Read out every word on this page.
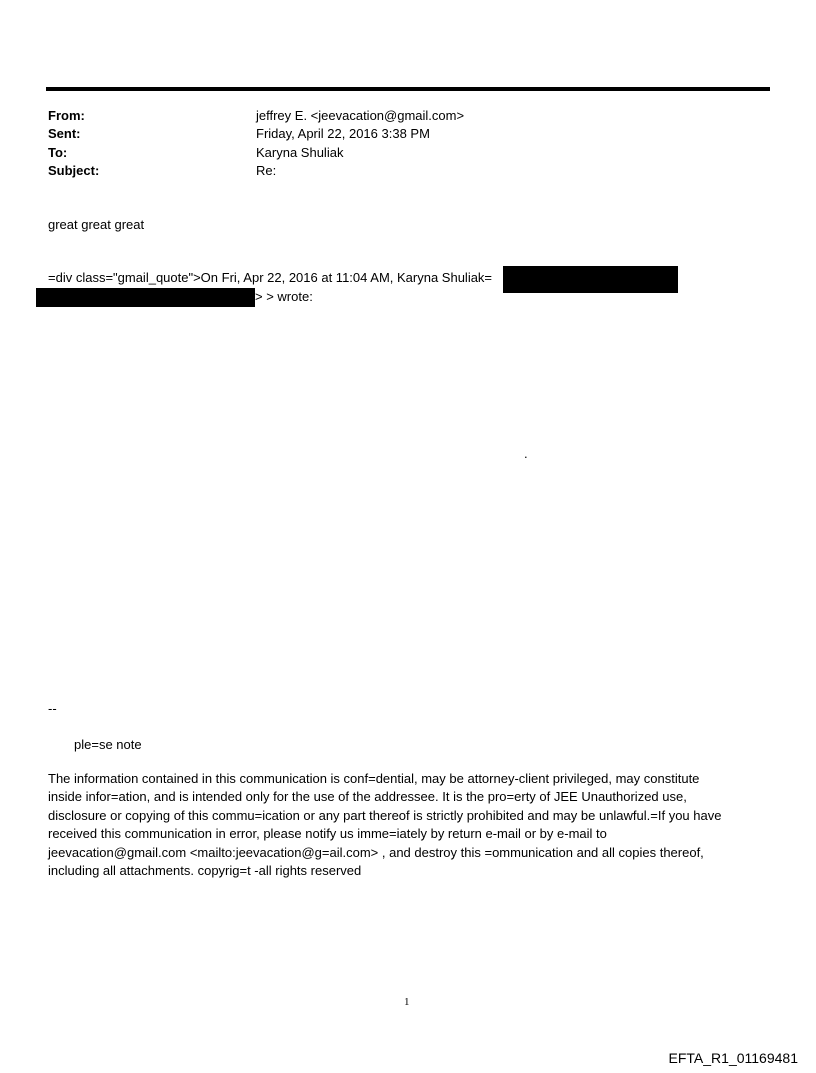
From:	jeffrey E. <jeevacation@gmail.com>
Sent:	Friday, April 22, 2016 3:38 PM
To:	Karyna Shuliak
Subject:	Re:
great great great
=div class="gmail_quote">On Fri, Apr 22, 2016 at 11:04 AM, Karyna Shuliak=
> > wrote:
.
--
ple=se note
The information contained in this communication is conf=dential, may be attorney-client privileged, may constitute
inside infor=ation, and is intended only for the use of the addressee. It is the pro=erty of JEE Unauthorized use,
disclosure or copying of this commu=ication or any part thereof is strictly prohibited and may be unlawful.=If you have
received this communication in error, please notify us imme=iately by return e-mail or by e-mail to
jeevacation@gmail.com <mailto:jeevacation@g=ail.com> , and destroy this =ommunication and all copies thereof,
including all attachments. copyrig=t -all rights reserved
1
EFTA_R1_01169481
